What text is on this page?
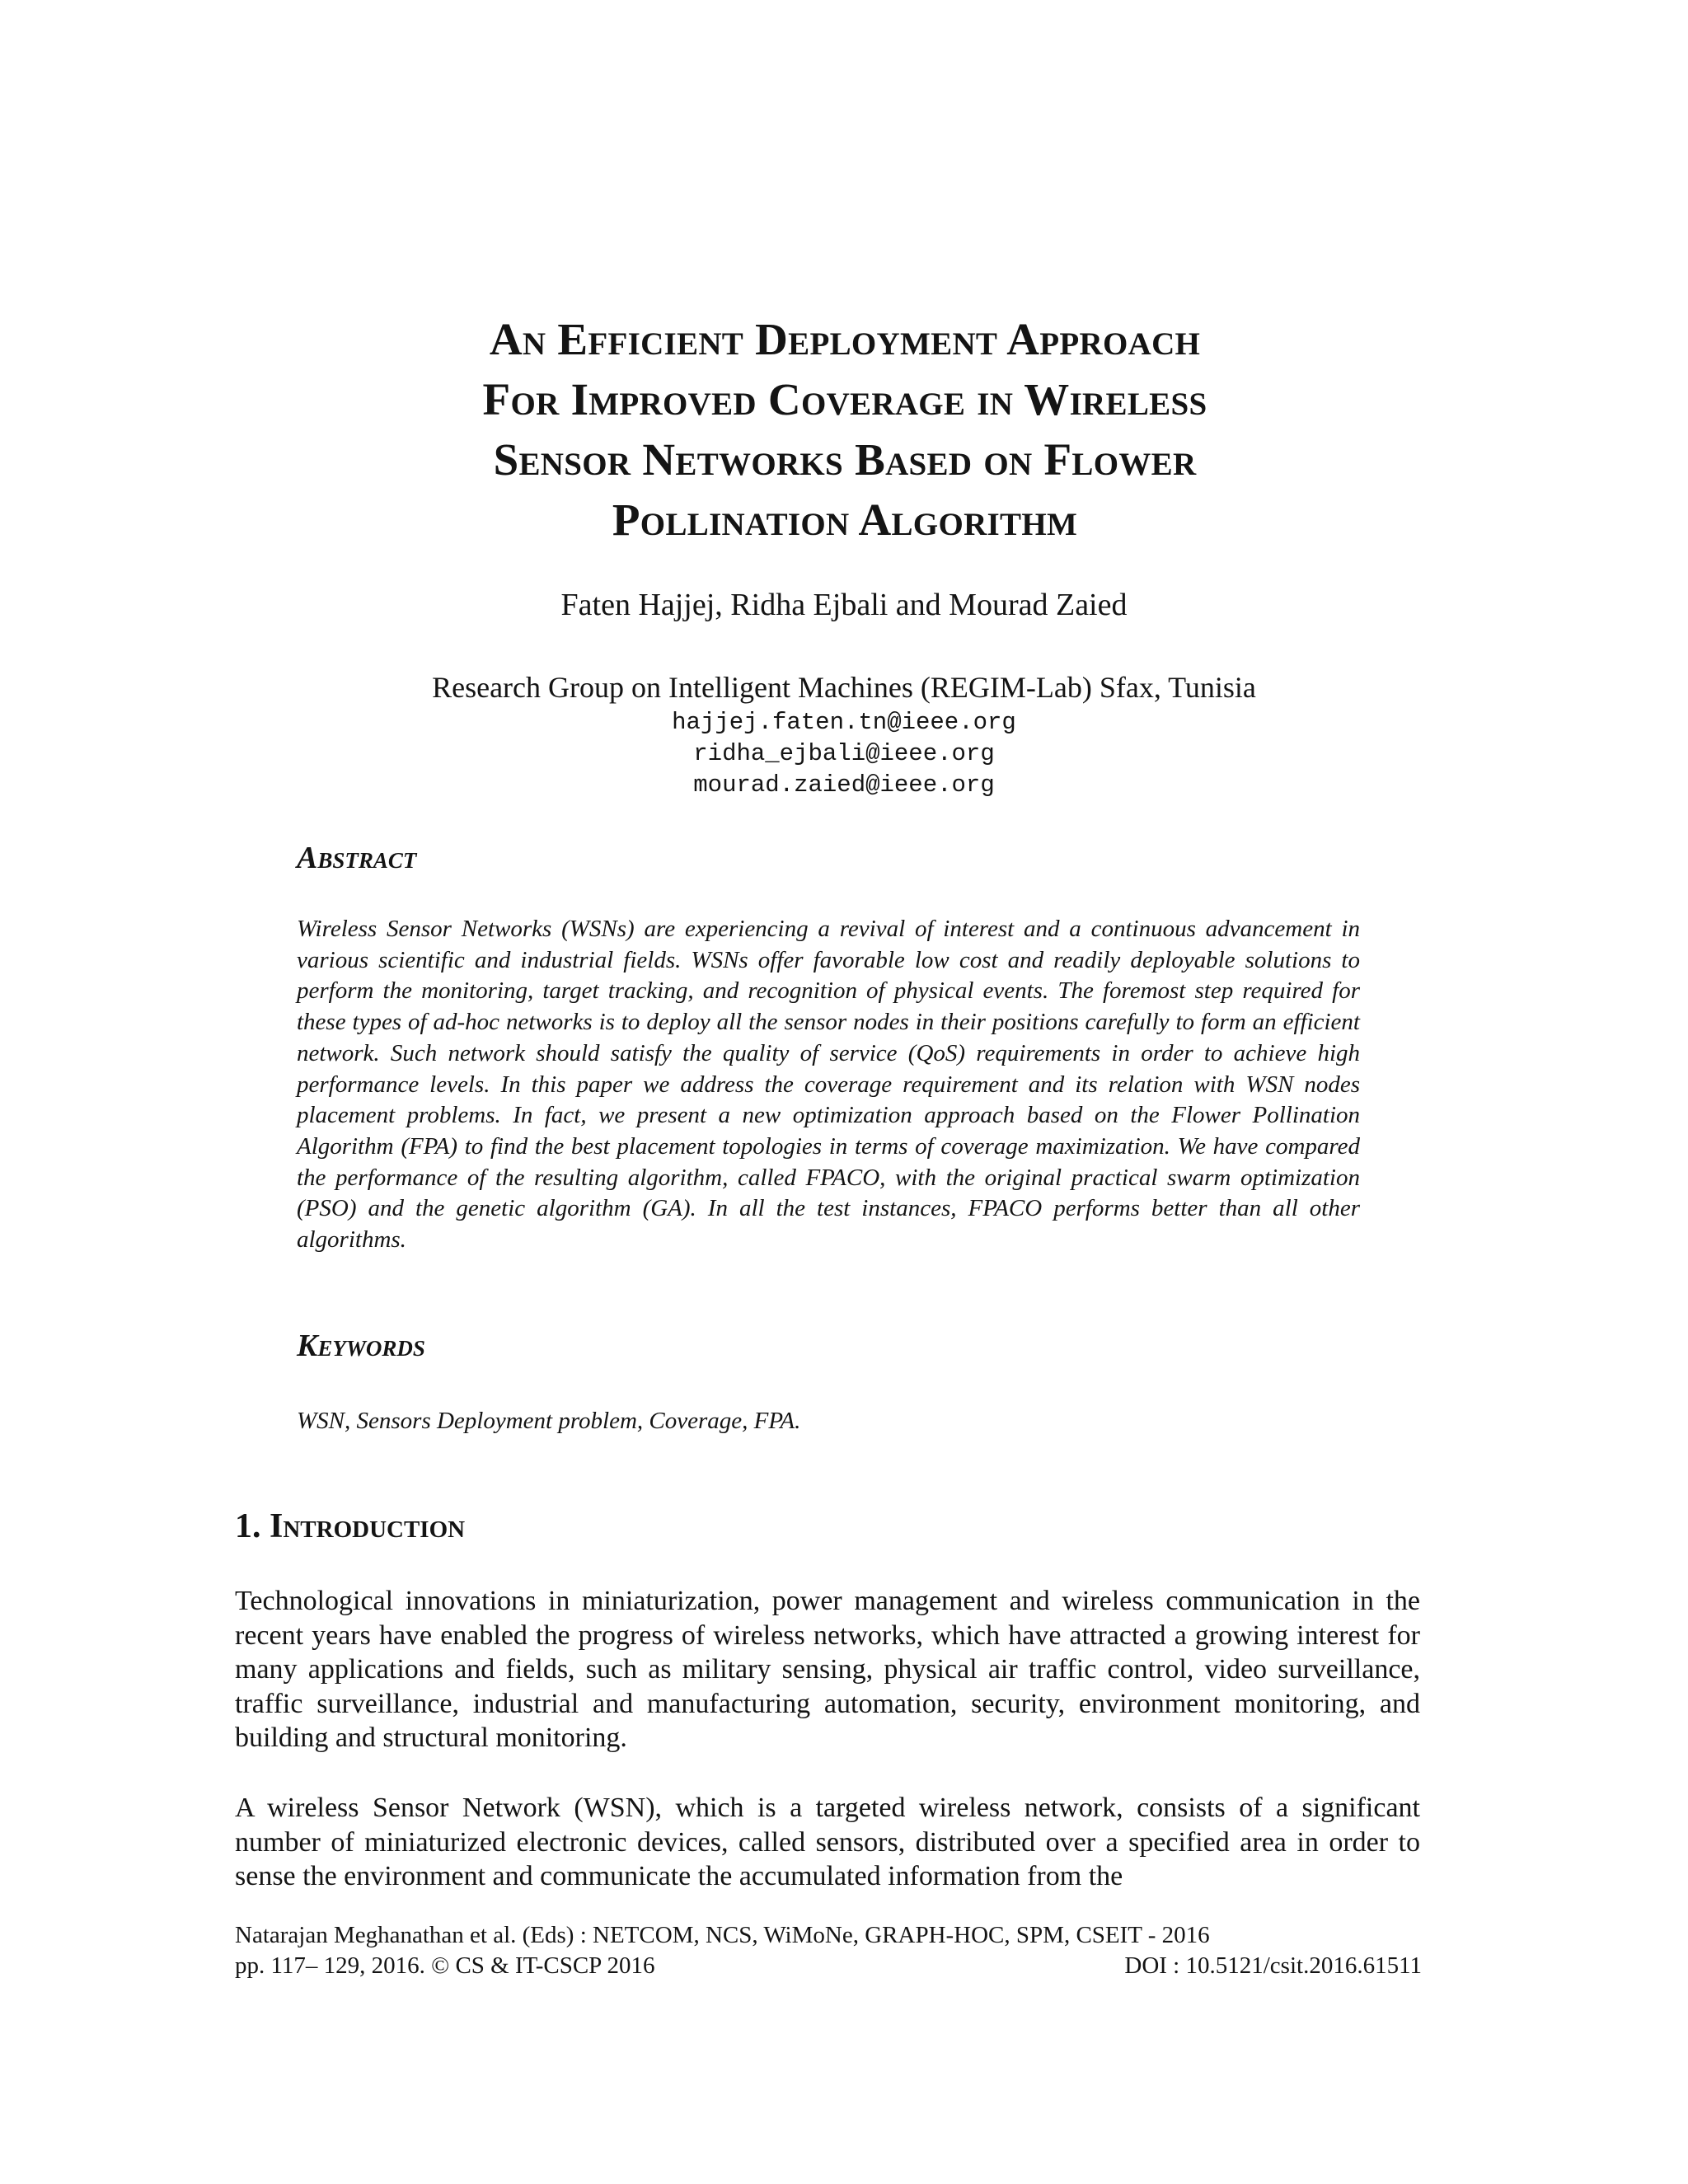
An Efficient Deployment Approach
For Improved Coverage in Wireless
Sensor Networks Based on Flower
Pollination Algorithm
Faten Hajjej, Ridha Ejbali and Mourad Zaied
Research Group on Intelligent Machines (REGIM-Lab) Sfax, Tunisia
hajjej.faten.tn@ieee.org
ridha_ejbali@ieee.org
mourad.zaied@ieee.org
Abstract

Wireless Sensor Networks (WSNs) are experiencing a revival of interest and a continuous advancement in various scientific and industrial fields. WSNs offer favorable low cost and readily deployable solutions to perform the monitoring, target tracking, and recognition of physical events. The foremost step required for these types of ad-hoc networks is to deploy all the sensor nodes in their positions carefully to form an efficient network. Such network should satisfy the quality of service (QoS) requirements in order to achieve high performance levels. In this paper we address the coverage requirement and its relation with WSN nodes placement problems. In fact, we present a new optimization approach based on the Flower Pollination Algorithm (FPA) to find the best placement topologies in terms of coverage maximization. We have compared the performance of the resulting algorithm, called FPACO, with the original practical swarm optimization (PSO) and the genetic algorithm (GA). In all the test instances, FPACO performs better than all other algorithms.

Keywords

WSN, Sensors Deployment problem, Coverage, FPA.

1. Introduction

Technological innovations in miniaturization, power management and wireless communication in the recent years have enabled the progress of wireless networks, which have attracted a growing interest for many applications and fields, such as military sensing, physical air traffic control, video surveillance, traffic surveillance, industrial and manufacturing automation, security, environment monitoring, and building and structural monitoring.

A wireless Sensor Network (WSN), which is a targeted wireless network, consists of a significant number of miniaturized electronic devices, called sensors, distributed over a specified area in order to sense the environment and communicate the accumulated information from the

Natarajan Meghanathan et al. (Eds) : NETCOM, NCS, WiMoNe, GRAPH-HOC, SPM, CSEIT - 2016
pp. 117– 129, 2016. © CS & IT-CSCP 2016	DOI : 10.5121/csit.2016.61511
